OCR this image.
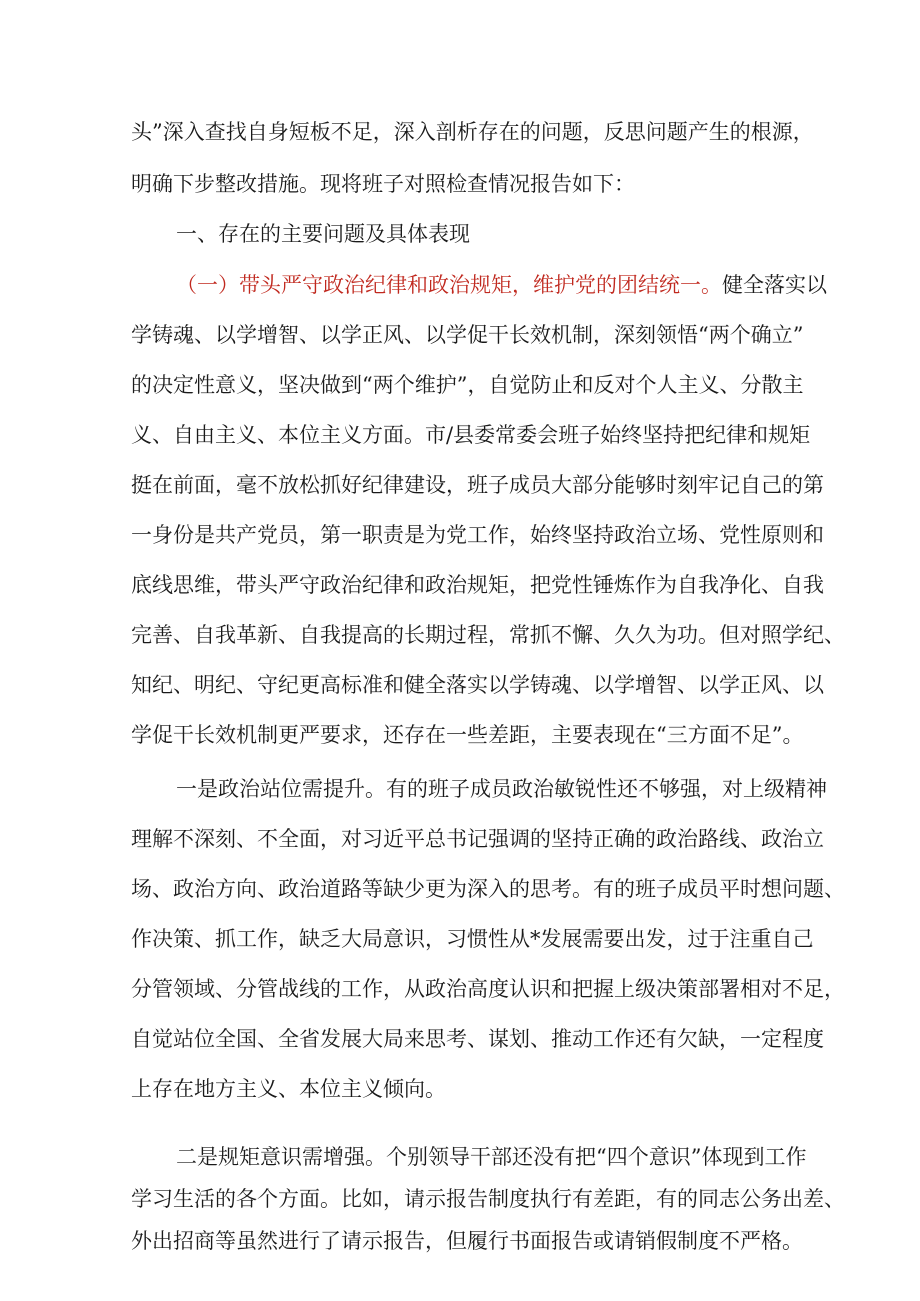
头”深入查找自身短板不足，深入剖析存在的问题，反思问题产生的根源，
明确下步整改措施。现将班子对照检查情况报告如下：
一、存在的主要问题及具体表现
（一）带头严守政治纪律和政治规矩，维护党的团结统一。健全落实以
学铸魂、以学增智、以学正风、以学促干长效机制，深刻领悟“两个确立”
的决定性意义，坚决做到“两个维护”，自觉防止和反对个人主义、分散主
义、自由主义、本位主义方面。市/县委常委会班子始终坚持把纪律和规矩
挺在前面，毫不放松抓好纪律建设，班子成员大部分能够时刻牢记自己的第
一身份是共产党员，第一职责是为党工作，始终坚持政治立场、党性原则和
底线思维，带头严守政治纪律和政治规矩，把党性锤炼作为自我净化、自我
完善、自我革新、自我提高的长期过程，常抓不懈、久久为功。但对照学纪、
知纪、明纪、守纪更高标准和健全落实以学铸魂、以学增智、以学正风、以
学促干长效机制更严要求，还存在一些差距，主要表现在“三方面不足”。
一是政治站位需提升。有的班子成员政治敏锐性还不够强，对上级精神
理解不深刻、不全面，对习近平总书记强调的坚持正确的政治路线、政治立
场、政治方向、政治道路等缺少更为深入的思考。有的班子成员平时想问题、
作决策、抓工作，缺乏大局意识，习惯性从*发展需要出发，过于注重自己
分管领域、分管战线的工作，从政治高度认识和把握上级决策部署相对不足，
自觉站位全国、全省发展大局来思考、谋划、推动工作还有欠缺，一定程度
上存在地方主义、本位主义倾向。
二是规矩意识需增强。个别领导干部还没有把“四个意识”体现到工作
学习生活的各个方面。比如，请示报告制度执行有差距，有的同志公务出差、
外出招商等虽然进行了请示报告，但履行书面报告或请销假制度不严格。
